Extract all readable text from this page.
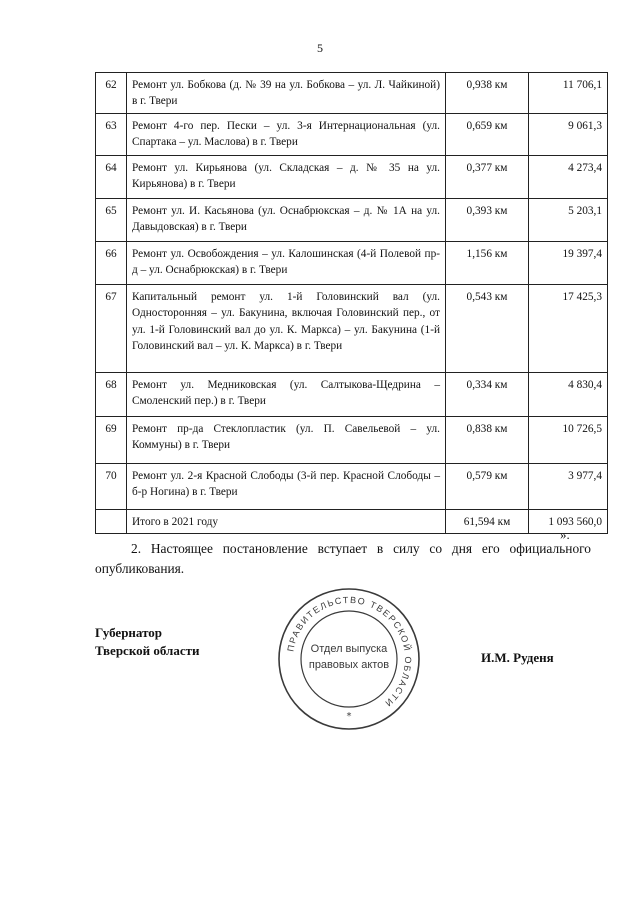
5
62	Ремонт ул. Бобкова (д. № 39 на ул. Бобкова – ул. Л. Чайкиной) в г. Твери	0,938 км	11 706,1
63	Ремонт 4-го пер. Пески – ул. 3-я Интернациональная (ул. Спартака – ул. Маслова) в г. Твери	0,659 км	9 061,3
64	Ремонт ул. Кирьянова (ул. Складская – д. № 35 на ул. Кирьянова) в г. Твери	0,377 км	4 273,4
65	Ремонт ул. И. Касьянова (ул. Оснабрюкская – д. № 1А на ул. Давыдовская) в г. Твери	0,393 км	5 203,1
66	Ремонт ул. Освобождения – ул. Калошинская (4-й Полевой пр-д – ул. Оснабрюкская) в г. Твери	1,156 км	19 397,4
67	Капитальный ремонт ул. 1-й Головинский вал (ул. Односторонняя – ул. Бакунина, включая Головинский пер., от ул. 1-й Головинский вал до ул. К. Маркса) – ул. Бакунина (1-й Головинский вал – ул. К. Маркса) в г. Твери	0,543 км	17 425,3
68	Ремонт ул. Медниковская (ул. Салтыкова-Щедрина – Смоленский пер.) в г. Твери	0,334 км	4 830,4
69	Ремонт пр-да Стеклопластик (ул. П. Савельевой – ул. Коммуны) в г. Твери	0,838 км	10 726,5
70	Ремонт ул. 2-я Красной Слободы (3-й пер. Красной Слободы – б-р Ногина) в г. Твери	0,579 км	3 977,4
	Итого в 2021 году	61,594 км	1 093 560,0
».
2. Настоящее постановление вступает в силу со дня его официального опубликования.
Губернатор
Тверской области	И.М. Руденя
ПРАВИТЕЛЬСТВО ТВЕРСКОЙ ОБЛАСТИ
Отдел выпуска
правовых актов
*
